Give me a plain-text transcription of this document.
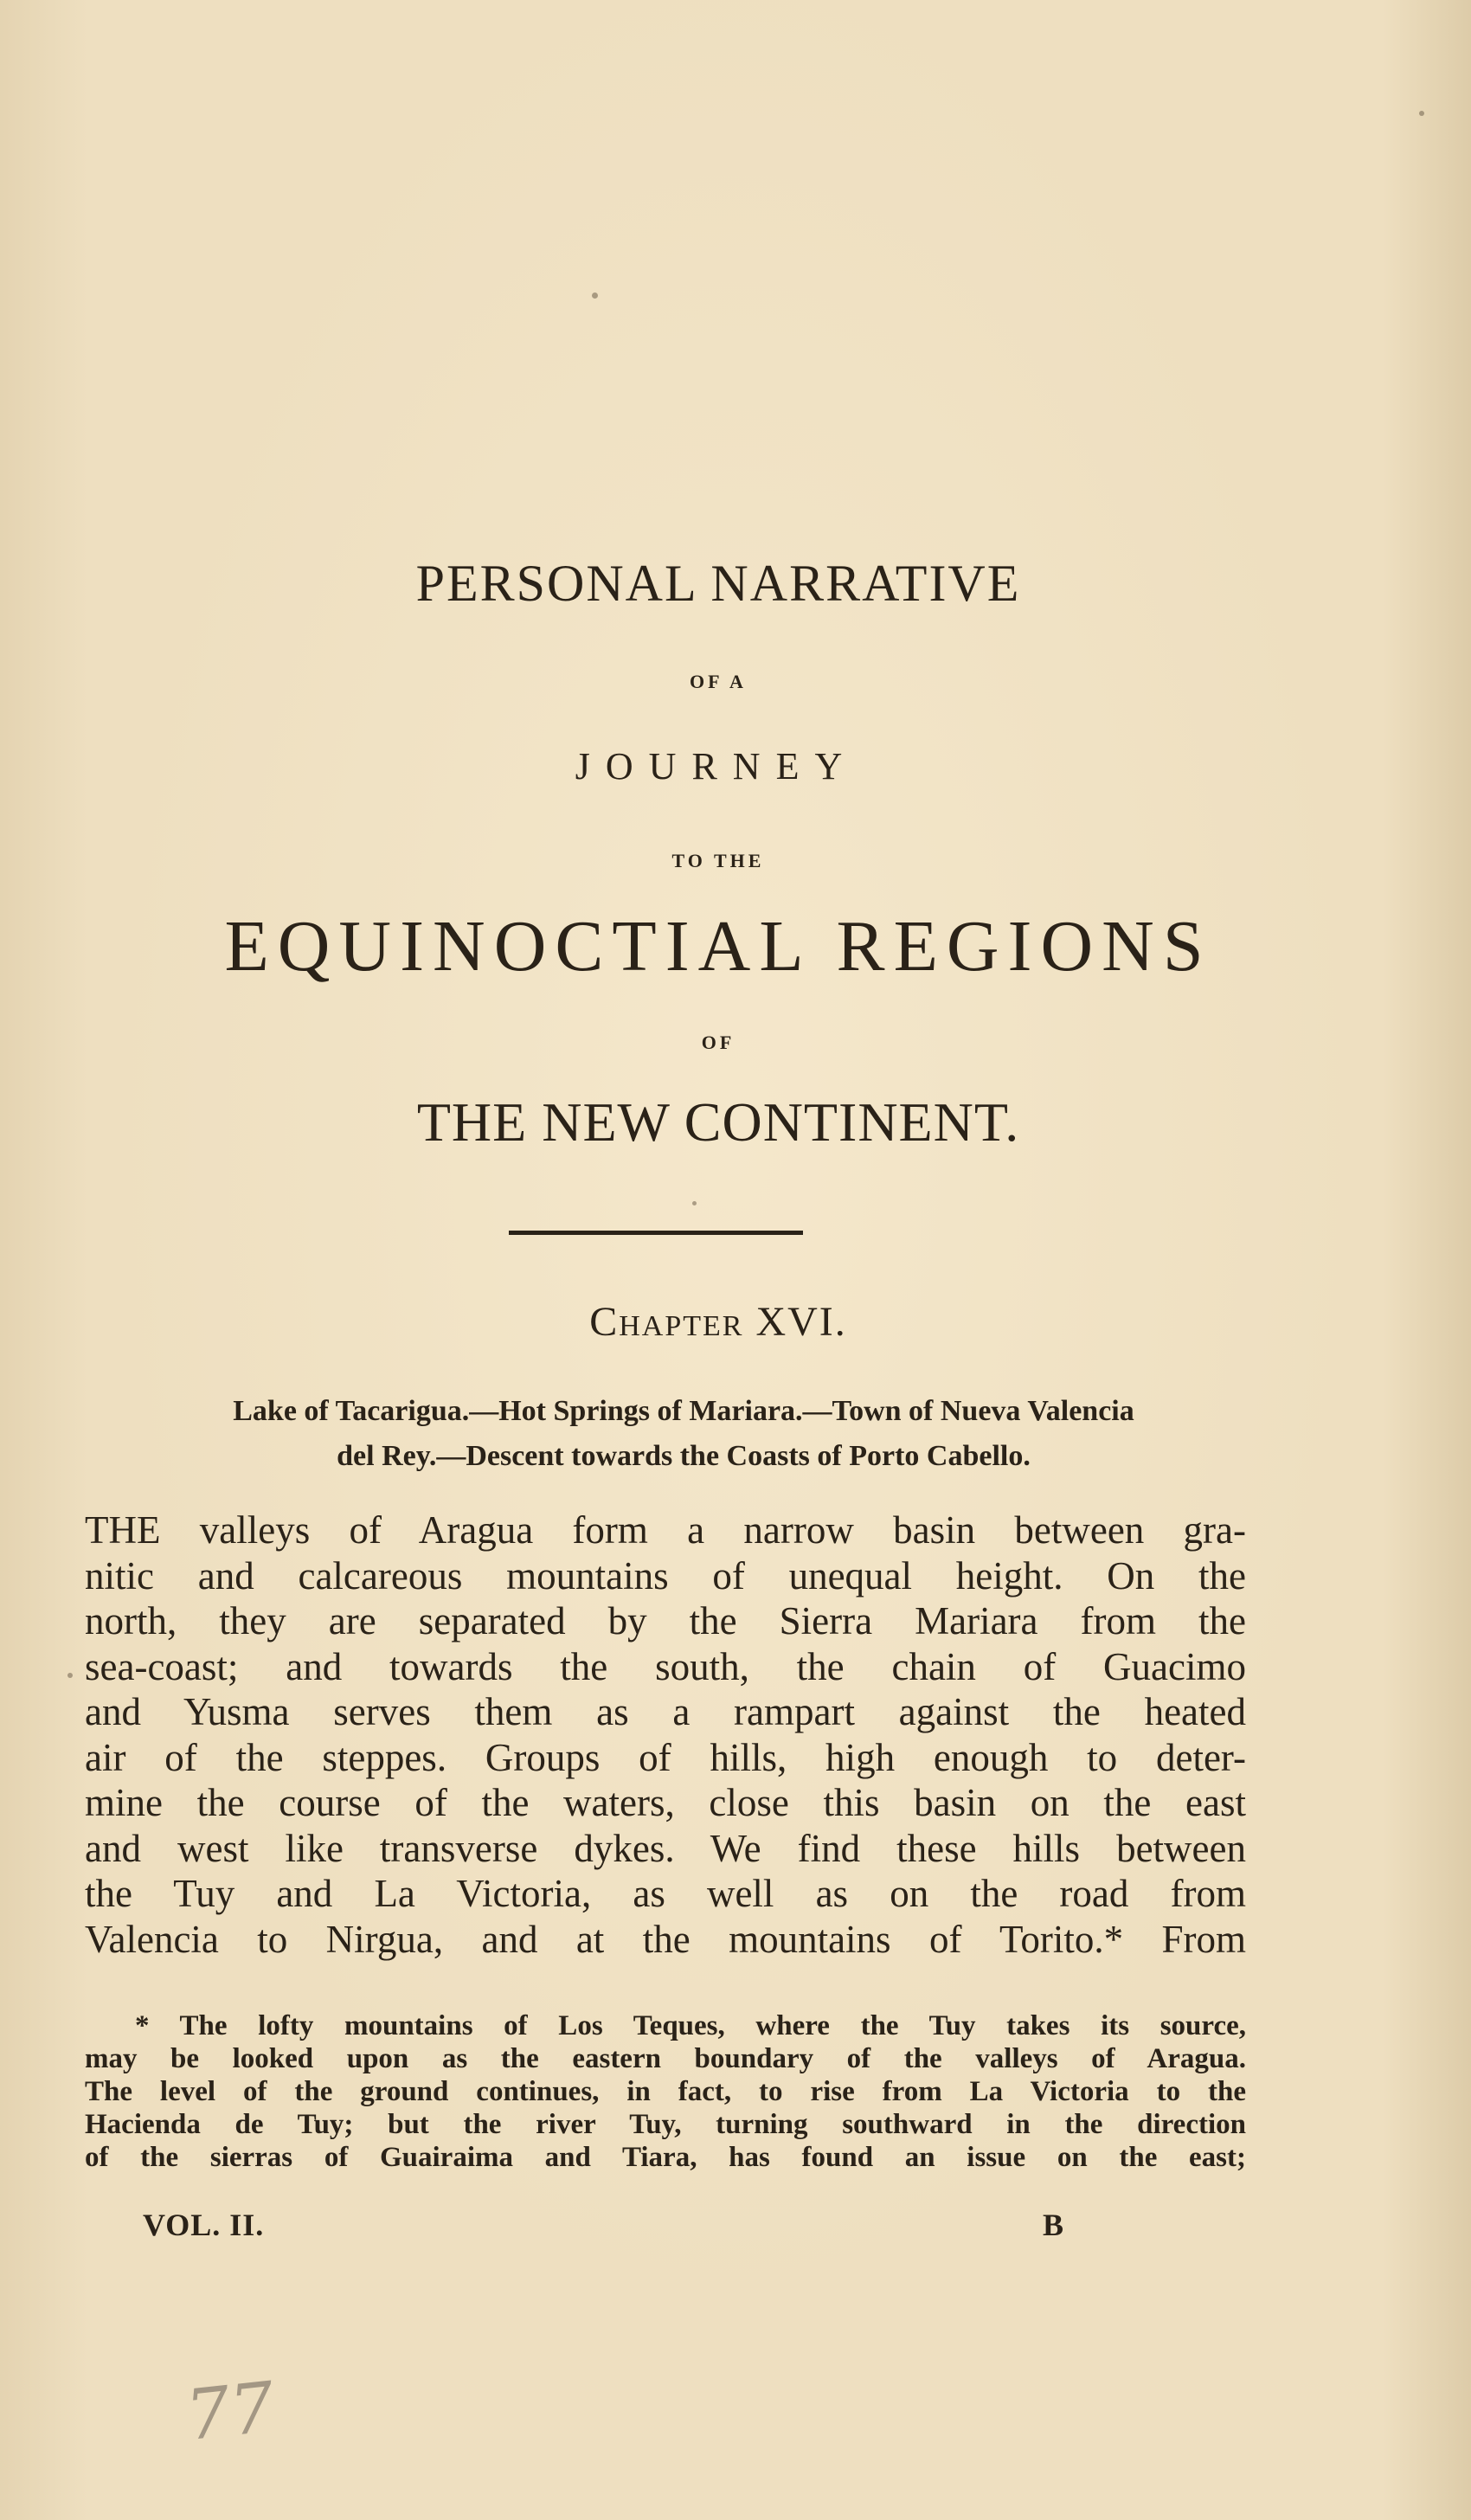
PERSONAL NARRATIVE
OF A
JOURNEY
TO THE
EQUINOCTIAL REGIONS
OF
THE NEW CONTINENT.
Chapter XVI.
Lake of Tacarigua.—Hot Springs of Mariara.—Town of Nueva Valencia
del Rey.—Descent towards the Coasts of Porto Cabello.
THE valleys of Aragua form a narrow basin between gra-
nitic and calcareous mountains of unequal height. On the
north, they are separated by the Sierra Mariara from the
sea-coast; and towards the south, the chain of Guacimo
and Yusma serves them as a rampart against the heated
air of the steppes. Groups of hills, high enough to deter-
mine the course of the waters, close this basin on the east
and west like transverse dykes. We find these hills between
the Tuy and La Victoria, as well as on the road from
Valencia to Nirgua, and at the mountains of Torito.* From
* The lofty mountains of Los Teques, where the Tuy takes its source,
may be looked upon as the eastern boundary of the valleys of Aragua.
The level of the ground continues, in fact, to rise from La Victoria to the
Hacienda de Tuy; but the river Tuy, turning southward in the direction
of the sierras of Guairaima and Tiara, has found an issue on the east;
VOL. II.	B
77
